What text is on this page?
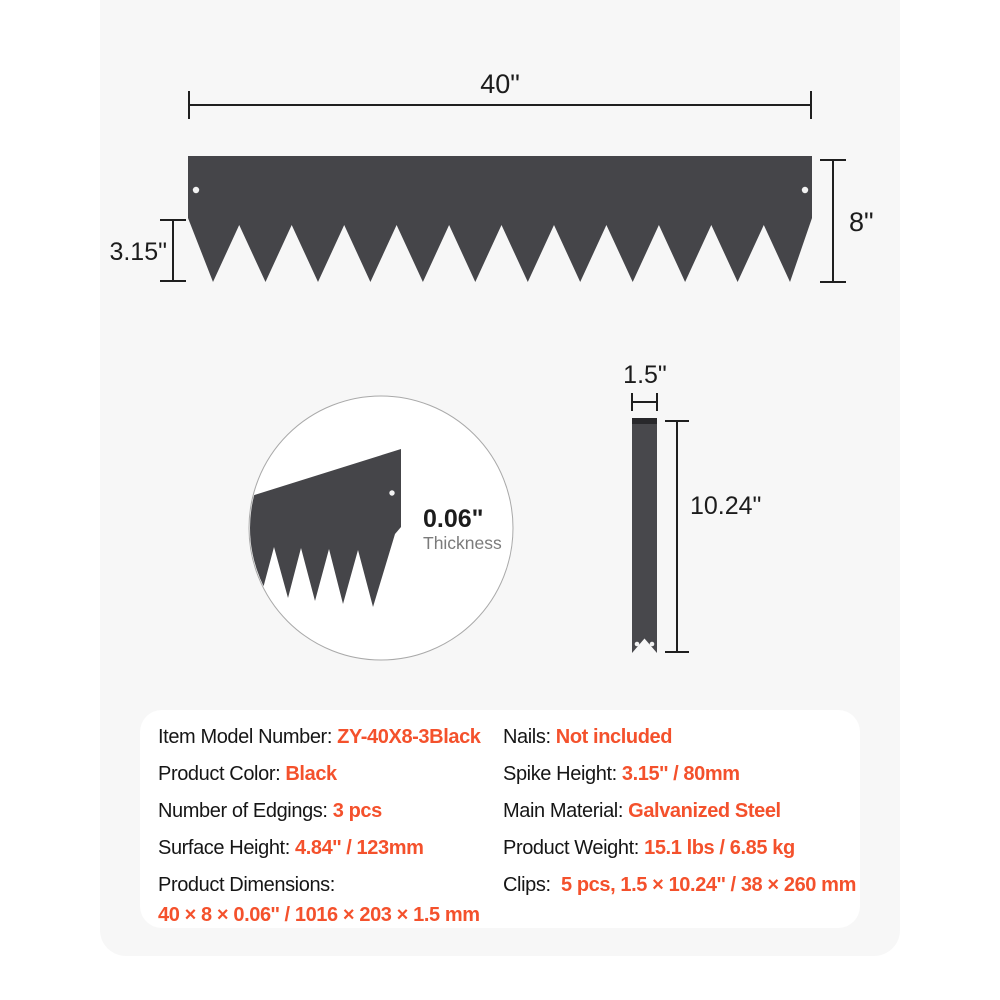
40"
8"
3.15"
0.06"
Thickness
1.5"
10.24"
Item Model Number: ZY-40X8-3Black
Product Color: Black
Number of Edgings: 3 pcs
Surface Height: 4.84'' / 123mm
Product Dimensions:
40 × 8 × 0.06'' / 1016 × 203 × 1.5 mm
Nails: Not included
Spike Height: 3.15'' / 80mm
Main Material: Galvanized Steel
Product Weight: 15.1 lbs / 6.85 kg
Clips: 5 pcs, 1.5 × 10.24'' / 38 × 260 mm
